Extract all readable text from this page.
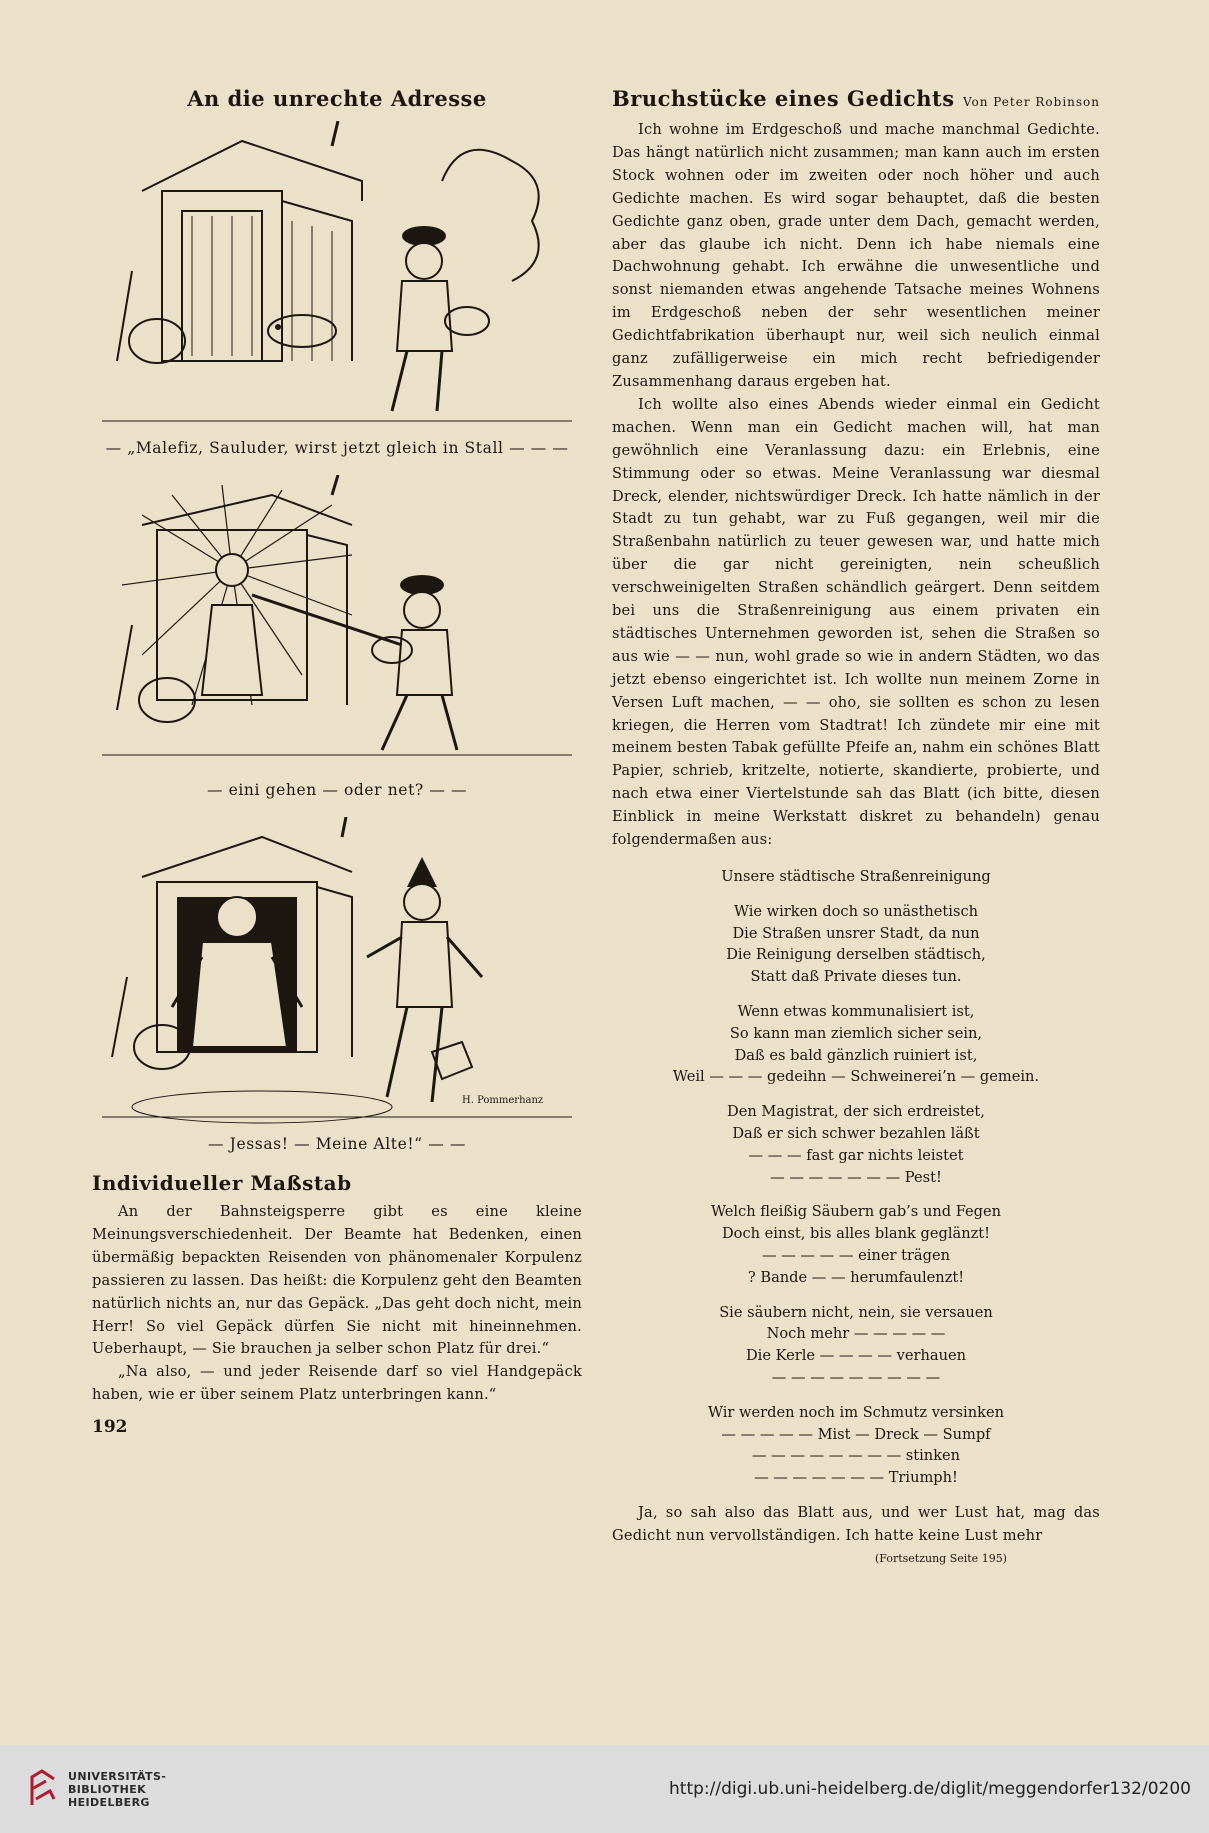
An die unrechte Adresse
— „Malefiz, Sauluder, wirst jetzt gleich in Stall — — —
— eini gehen — oder net? — —
H. Pommerhanz
— Jessas! — Meine Alte!“ — —
Individueller Maßstab

An der Bahnsteigsperre gibt es eine kleine Meinungsverschiedenheit. Der Beamte hat Bedenken, einen übermäßig bepackten Reisenden von phänomenaler Korpulenz passieren zu lassen. Das heißt: die Korpulenz geht den Beamten natürlich nichts an, nur das Gepäck. „Das geht doch nicht, mein Herr! So viel Gepäck dürfen Sie nicht mit hineinnehmen. Ueberhaupt, — Sie brauchen ja selber schon Platz für drei.“

„Na also, — und jeder Reisende darf so viel Handgepäck haben, wie er über seinem Platz unterbringen kann.“

192
Bruchstücke eines Gedichts Von Peter Robinson

Ich wohne im Erdgeschoß und mache manchmal Gedichte. Das hängt natürlich nicht zusammen; man kann auch im ersten Stock wohnen oder im zweiten oder noch höher und auch Gedichte machen. Es wird sogar behauptet, daß die besten Gedichte ganz oben, grade unter dem Dach, gemacht werden, aber das glaube ich nicht. Denn ich habe niemals eine Dachwohnung gehabt. Ich erwähne die unwesentliche und sonst niemanden etwas angehende Tatsache meines Wohnens im Erdgeschoß neben der sehr wesentlichen meiner Gedichtfabrikation überhaupt nur, weil sich neulich einmal ganz zufälligerweise ein mich recht befriedigender Zusammenhang daraus ergeben hat.

Ich wollte also eines Abends wieder einmal ein Gedicht machen. Wenn man ein Gedicht machen will, hat man gewöhnlich eine Veranlassung dazu: ein Erlebnis, eine Stimmung oder so etwas. Meine Veranlassung war diesmal Dreck, elender, nichtswürdiger Dreck. Ich hatte nämlich in der Stadt zu tun gehabt, war zu Fuß gegangen, weil mir die Straßenbahn natürlich zu teuer gewesen war, und hatte mich über die gar nicht gereinigten, nein scheußlich verschweinigelten Straßen schändlich geärgert. Denn seitdem bei uns die Straßenreinigung aus einem privaten ein städtisches Unternehmen geworden ist, sehen die Straßen so aus wie — — nun, wohl grade so wie in andern Städten, wo das jetzt ebenso eingerichtet ist. Ich wollte nun meinem Zorne in Versen Luft machen, — — oho, sie sollten es schon zu lesen kriegen, die Herren vom Stadtrat! Ich zündete mir eine mit meinem besten Tabak gefüllte Pfeife an, nahm ein schönes Blatt Papier, schrieb, kritzelte, notierte, skandierte, probierte, und nach etwa einer Viertelstunde sah das Blatt (ich bitte, diesen Einblick in meine Werkstatt diskret zu behandeln) genau folgendermaßen aus:

Unsere städtische Straßenreinigung
Wie wirken doch so unästhetisch
Die Straßen unsrer Stadt, da nun
Die Reinigung derselben städtisch,
Statt daß Private dieses tun.
Wenn etwas kommunalisiert ist,
So kann man ziemlich sicher sein,
Daß es bald gänzlich ruiniert ist,
Weil — — — gedeihn — Schweinerei’n — gemein.
Den Magistrat, der sich erdreistet,
Daß er sich schwer bezahlen läßt
— — — fast gar nichts leistet
— — — — — — — Pest!
Welch fleißig Säubern gab’s und Fegen
Doch einst, bis alles blank geglänzt!
— — — — — einer trägen
? Bande — — herumfaulenzt!
Sie säubern nicht, nein, sie versauen
Noch mehr — — — — —
Die Kerle — — — — verhauen
— — — — — — — — —
Wir werden noch im Schmutz versinken
— — — — — Mist — Dreck — Sumpf
— — — — — — — — stinken
— — — — — — — Triumph!

Ja, so sah also das Blatt aus, und wer Lust hat, mag das Gedicht nun vervollständigen. Ich hatte keine Lust mehr

(Fortsetzung Seite 195)
UNIVERSITÄTS-
BIBLIOTHEK
HEIDELBERG
http://digi.ub.uni-heidelberg.de/diglit/meggendorfer132/0200
